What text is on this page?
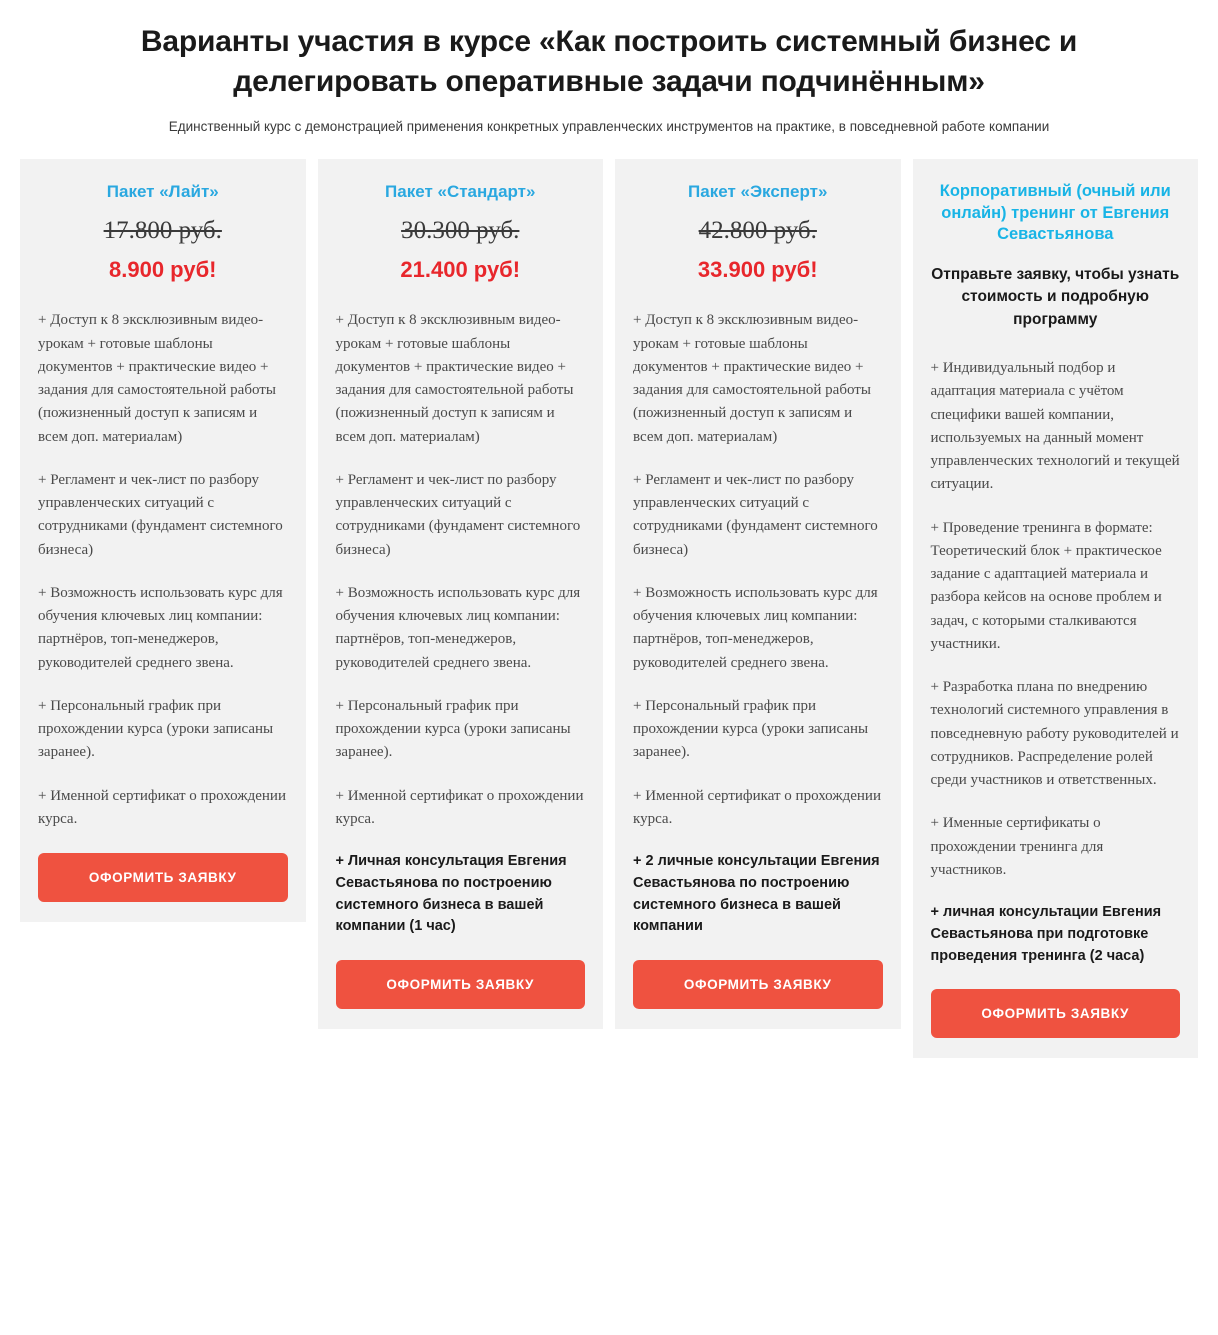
Варианты участия в курсе «Как построить системный бизнес и делегировать оперативные задачи подчинённым»

Единственный курс с демонстрацией применения конкретных управленческих инструментов на практике, в повседневной работе компании

Пакет «Лайт»
17.800 руб.
8.900 руб!
+ Доступ к 8 эксклюзивным видео-урокам + готовые шаблоны документов + практические видео + задания для самостоятельной работы (пожизненный доступ к записям и всем доп. материалам)
+ Регламент и чек-лист по разбору управленческих ситуаций с сотрудниками (фундамент системного бизнеса)
+ Возможность использовать курс для обучения ключевых лиц компании: партнёров, топ-менеджеров, руководителей среднего звена.
+ Персональный график при прохождении курса (уроки записаны заранее).
+ Именной сертификат о прохождении курса.
ОФОРМИТЬ ЗАЯВКУ
Пакет «Стандарт»
30.300 руб.
21.400 руб!
+ Доступ к 8 эксклюзивным видео-урокам + готовые шаблоны документов + практические видео + задания для самостоятельной работы (пожизненный доступ к записям и всем доп. материалам)
+ Регламент и чек-лист по разбору управленческих ситуаций с сотрудниками (фундамент системного бизнеса)
+ Возможность использовать курс для обучения ключевых лиц компании: партнёров, топ-менеджеров, руководителей среднего звена.
+ Персональный график при прохождении курса (уроки записаны заранее).
+ Именной сертификат о прохождении курса.
+ Личная консультация Евгения Севастьянова по построению системного бизнеса в вашей компании (1 час)
ОФОРМИТЬ ЗАЯВКУ
Пакет «Эксперт»
42.800 руб.
33.900 руб!
+ Доступ к 8 эксклюзивным видео-урокам + готовые шаблоны документов + практические видео + задания для самостоятельной работы (пожизненный доступ к записям и всем доп. материалам)
+ Регламент и чек-лист по разбору управленческих ситуаций с сотрудниками (фундамент системного бизнеса)
+ Возможность использовать курс для обучения ключевых лиц компании: партнёров, топ-менеджеров, руководителей среднего звена.
+ Персональный график при прохождении курса (уроки записаны заранее).
+ Именной сертификат о прохождении курса.
+ 2 личные консультации Евгения Севастьянова по построению системного бизнеса в вашей компании
ОФОРМИТЬ ЗАЯВКУ
Корпоративный (очный или онлайн) тренинг от Евгения Севастьянова
Отправьте заявку, чтобы узнать стоимость и подробную программу
+ Индивидуальный подбор и адаптация материала с учётом специфики вашей компании, используемых на данный момент управленческих технологий и текущей ситуации.
+ Проведение тренинга в формате: Теоретический блок + практическое задание с адаптацией материала и разбора кейсов на основе проблем и задач, с которыми сталкиваются участники.
+ Разработка плана по внедрению технологий системного управления в повседневную работу руководителей и сотрудников. Распределение ролей среди участников и ответственных.
+ Именные сертификаты о прохождении тренинга для участников.
+ личная консультации Евгения Севастьянова при подготовке проведения тренинга (2 часа)
ОФОРМИТЬ ЗАЯВКУ
